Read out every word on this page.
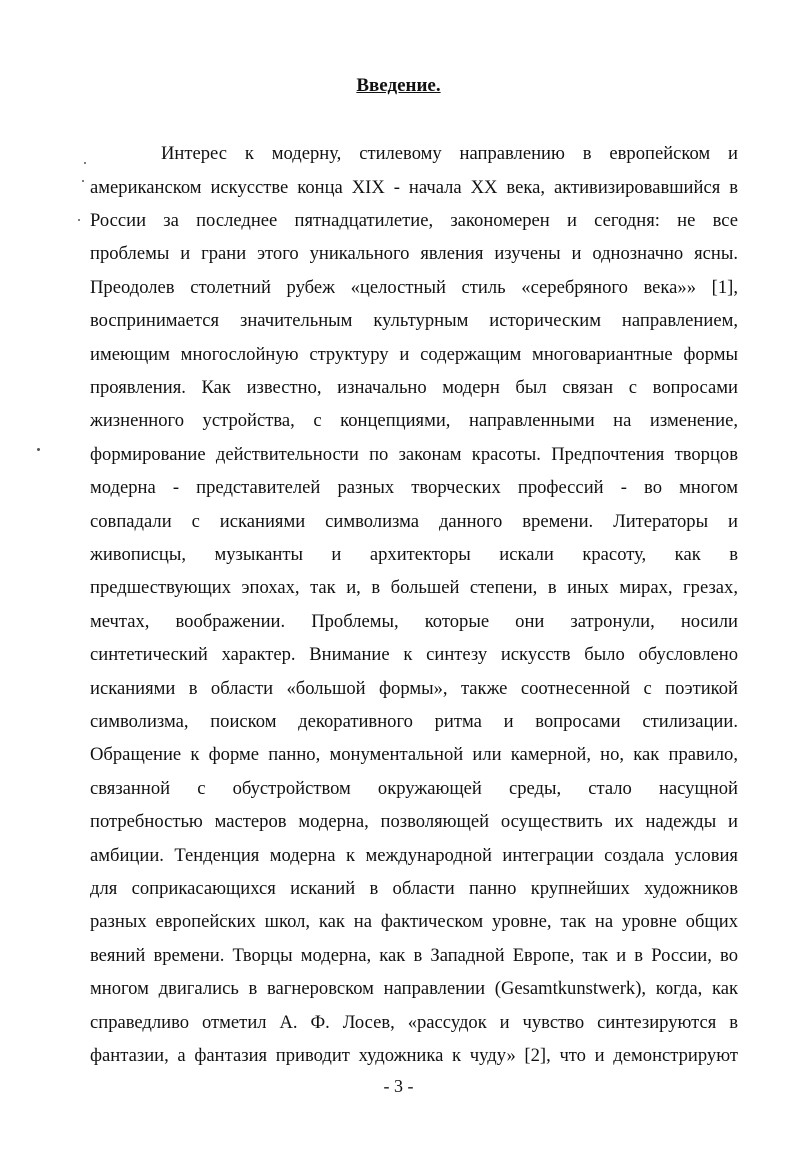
Введение.
Интерес к модерну, стилевому направлению в европейском и
американском искусстве конца XIX - начала XX века, активизировавшийся в
России за последнее пятнадцатилетие, закономерен и сегодня: не все
проблемы и грани этого уникального явления изучены и однозначно ясны.
Преодолев столетний рубеж «целостный стиль «серебряного века»» [1],
воспринимается значительным культурным историческим направлением,
имеющим многослойную структуру и содержащим многовариантные формы
проявления. Как известно, изначально модерн был связан с вопросами
жизненного устройства, с концепциями, направленными на изменение,
формирование действительности по законам красоты. Предпочтения творцов
модерна - представителей разных творческих профессий - во многом
совпадали с исканиями символизма данного времени. Литераторы и
живописцы, музыканты и архитекторы искали красоту, как в
предшествующих эпохах, так и, в большей степени, в иных мирах, грезах,
мечтах, воображении. Проблемы, которые они затронули, носили
синтетический характер. Внимание к синтезу искусств было обусловлено
исканиями в области «большой формы», также соотнесенной с поэтикой
символизма, поиском декоративного ритма и вопросами стилизации.
Обращение к форме панно, монументальной или камерной, но, как правило,
связанной с обустройством окружающей среды, стало насущной
потребностью мастеров модерна, позволяющей осуществить их надежды и
амбиции. Тенденция модерна к международной интеграции создала условия
для соприкасающихся исканий в области панно крупнейших художников
разных европейских школ, как на фактическом уровне, так на уровне общих
веяний времени. Творцы модерна, как в Западной Европе, так и в России, во
многом двигались в вагнеровском направлении (Gesamtkunstwerk), когда, как
справедливо отметил А. Ф. Лосев, «рассудок и чувство синтезируются в
фантазии, а фантазия приводит художника к чуду» [2], что и демонстрируют
- 3 -
